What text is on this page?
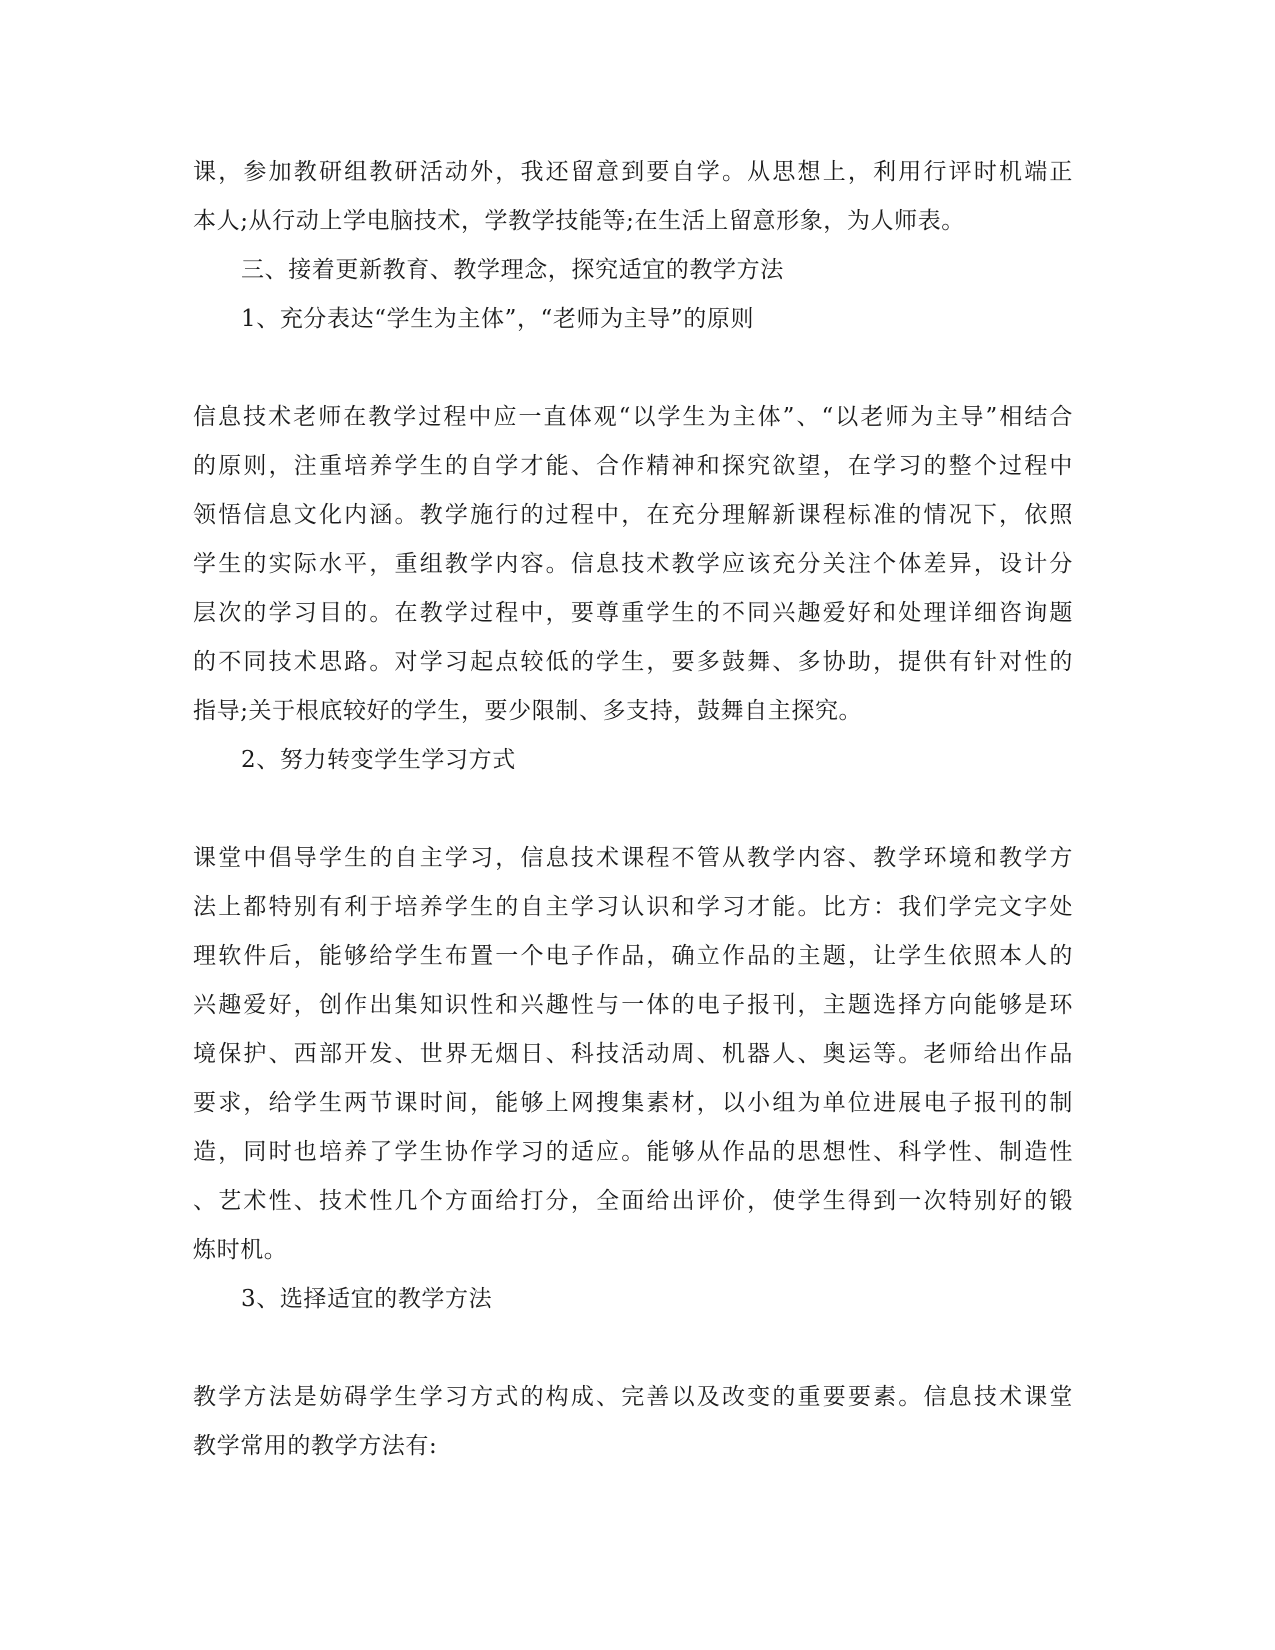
课，参加教研组教研活动外，我还留意到要自学。从思想上，利用行评时机端正
本人;从行动上学电脑技术，学教学技能等;在生活上留意形象，为人师表。
三、接着更新教育、教学理念，探究适宜的教学方法
1、充分表达“学生为主体”，“老师为主导”的原则
信息技术老师在教学过程中应一直体观“以学生为主体”、“以老师为主导”相结合
的原则，注重培养学生的自学才能、合作精神和探究欲望，在学习的整个过程中
领悟信息文化内涵。教学施行的过程中，在充分理解新课程标准的情况下，依照
学生的实际水平，重组教学内容。信息技术教学应该充分关注个体差异，设计分
层次的学习目的。在教学过程中，要尊重学生的不同兴趣爱好和处理详细咨询题
的不同技术思路。对学习起点较低的学生，要多鼓舞、多协助，提供有针对性的
指导;关于根底较好的学生，要少限制、多支持，鼓舞自主探究。
2、努力转变学生学习方式
课堂中倡导学生的自主学习，信息技术课程不管从教学内容、教学环境和教学方
法上都特别有利于培养学生的自主学习认识和学习才能。比方：我们学完文字处
理软件后，能够给学生布置一个电子作品，确立作品的主题，让学生依照本人的
兴趣爱好，创作出集知识性和兴趣性与一体的电子报刊，主题选择方向能够是环
境保护、西部开发、世界无烟日、科技活动周、机器人、奥运等。老师给出作品
要求，给学生两节课时间，能够上网搜集素材，以小组为单位进展电子报刊的制
造，同时也培养了学生协作学习的适应。能够从作品的思想性、科学性、制造性
、艺术性、技术性几个方面给打分，全面给出评价，使学生得到一次特别好的锻
炼时机。
3、选择适宜的教学方法
教学方法是妨碍学生学习方式的构成、完善以及改变的重要要素。信息技术课堂
教学常用的教学方法有:
